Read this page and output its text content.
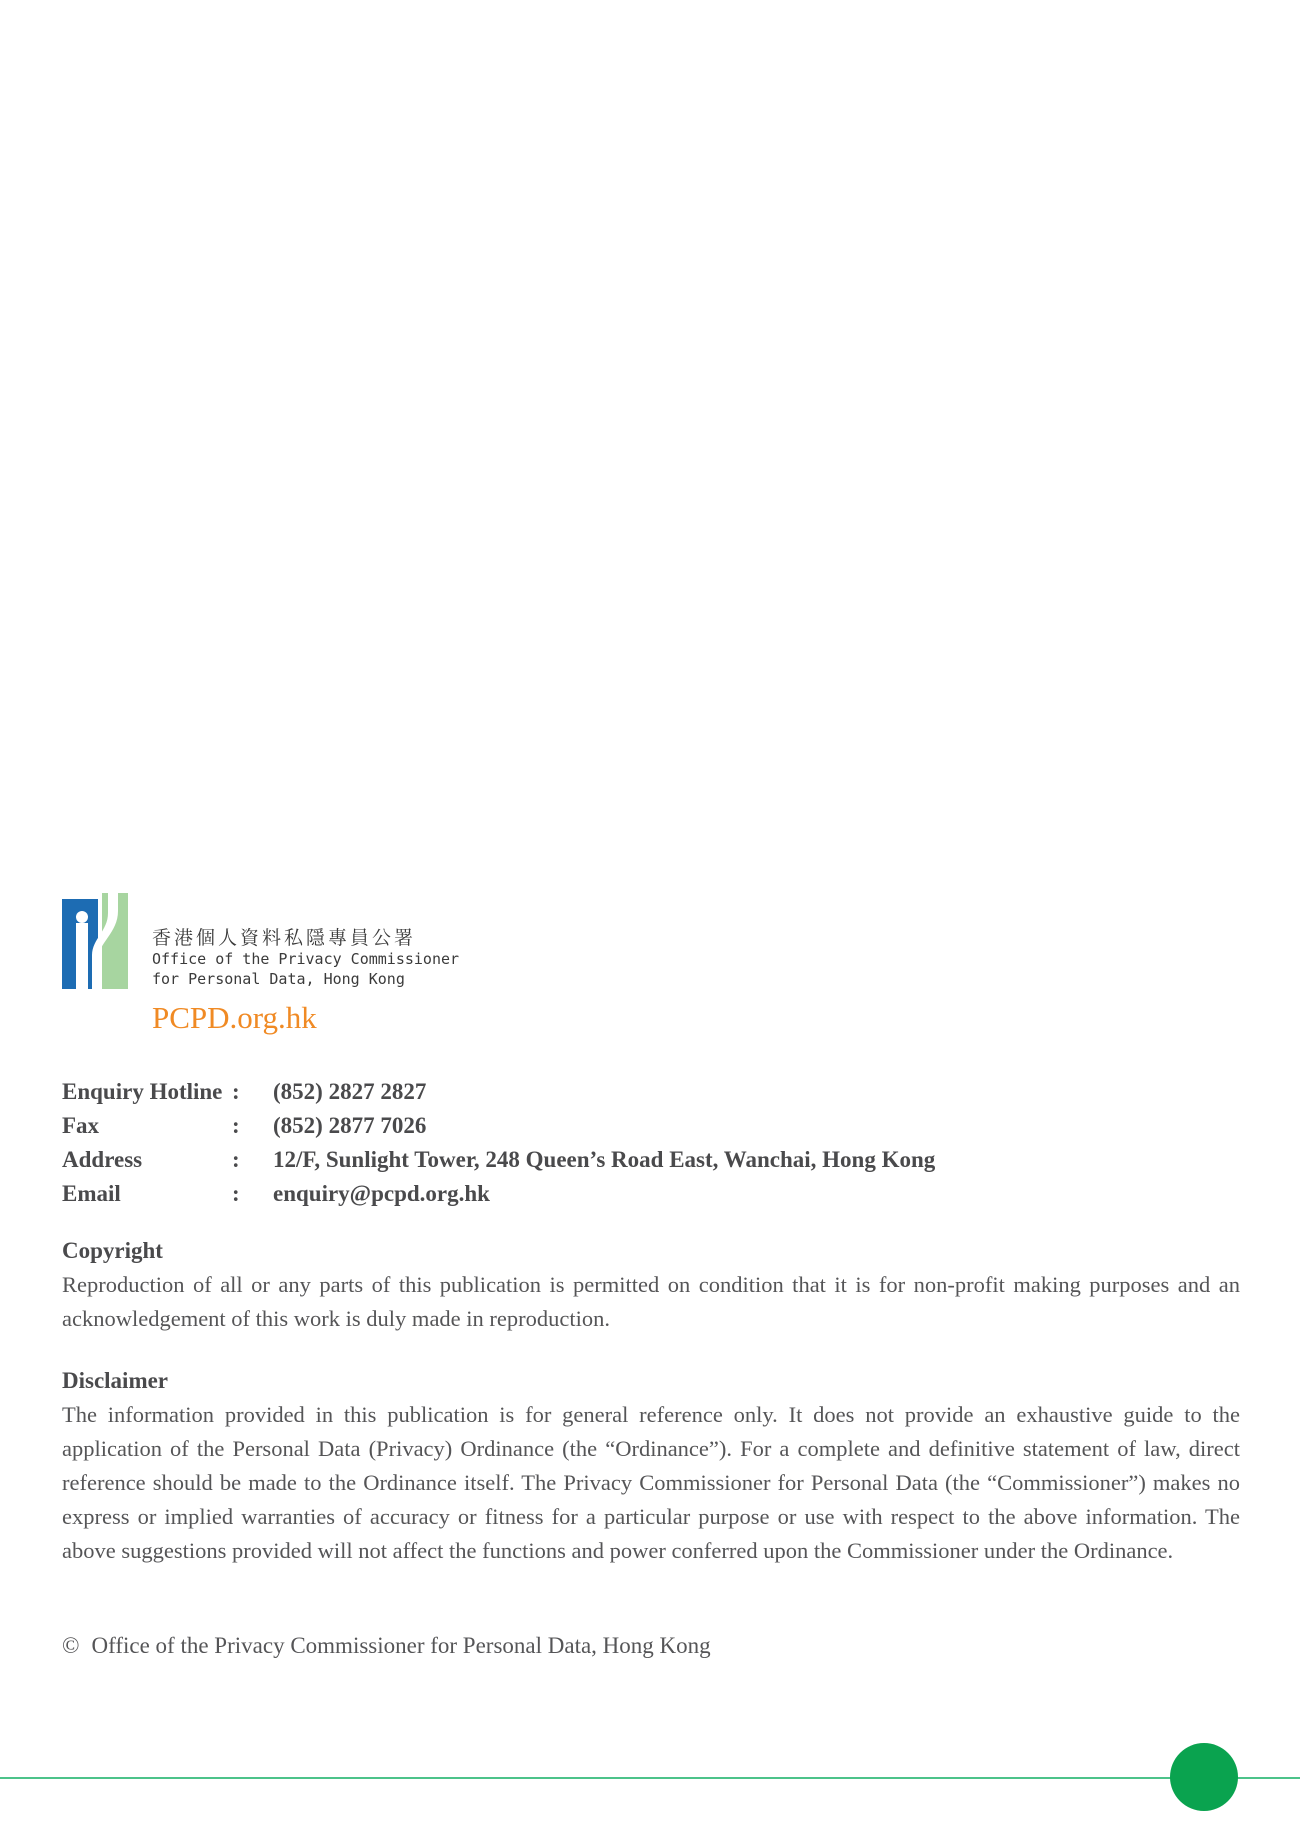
香港個人資料私隱專員公署
Office of the Privacy Commissioner
for Personal Data, Hong Kong
PCPD.org.hk
Enquiry Hotline :	(852) 2827 2827
Fax	:	(852) 2877 7026
Address	:	12/F, Sunlight Tower, 248 Queen’s Road East, Wanchai, Hong Kong
Email	:	enquiry@pcpd.org.hk
Copyright
Reproduction of all or any parts of this publication is permitted on condition that it is for non-profit making purposes and an acknowledgement of this work is duly made in reproduction.
Disclaimer
The information provided in this publication is for general reference only. It does not provide an exhaustive guide to the application of the Personal Data (Privacy) Ordinance (the “Ordinance”). For a complete and definitive statement of law, direct reference should be made to the Ordinance itself. The Privacy Commissioner for Personal Data (the “Commissioner”) makes no express or implied warranties of accuracy or fitness for a particular purpose or use with respect to the above information. The above suggestions provided will not affect the functions and power conferred upon the Commissioner under the Ordinance.
© Office of the Privacy Commissioner for Personal Data, Hong Kong
